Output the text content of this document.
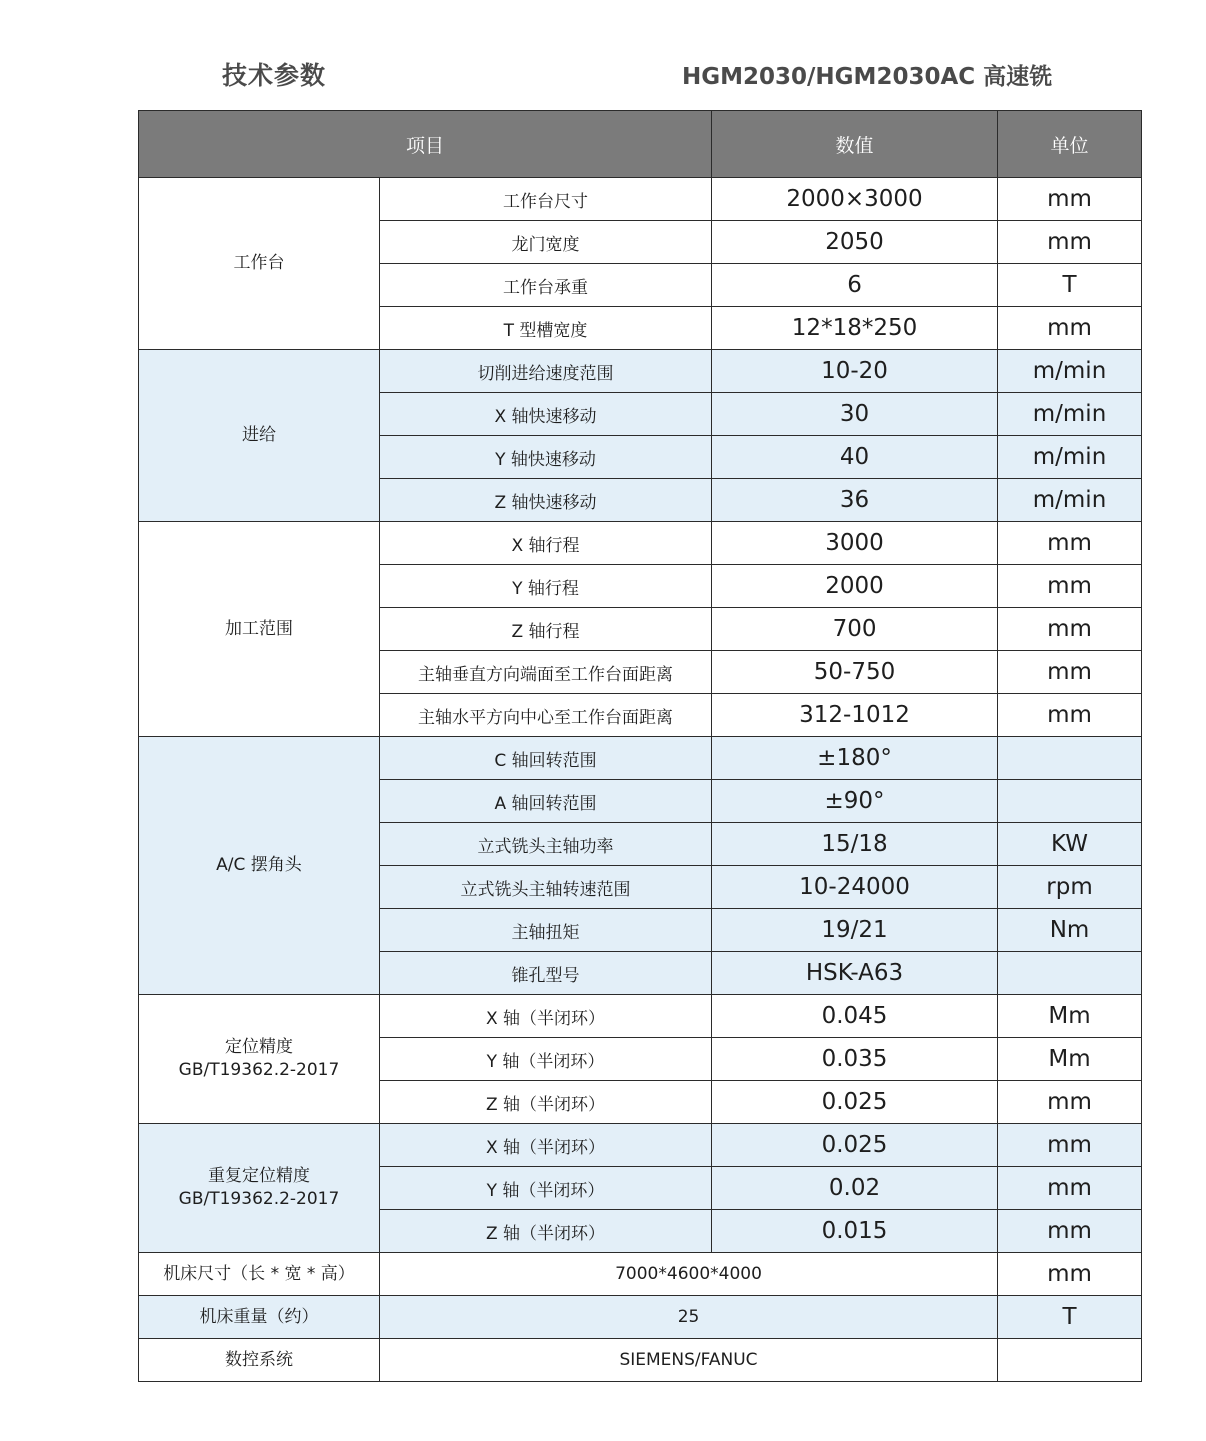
技术参数	HGM2030/HGM2030AC 高速铣
项目		数值	单位
工作台	工作台尺寸	2000×3000	mm
	龙门宽度	2050	mm
	工作台承重	6	T
	T 型槽宽度	12*18*250	mm
进给	切削进给速度范围	10-20	m/min
	X 轴快速移动	30	m/min
	Y 轴快速移动	40	m/min
	Z 轴快速移动	36	m/min
加工范围	X 轴行程	3000	mm
	Y 轴行程	2000	mm
	Z 轴行程	700	mm
	主轴垂直方向端面至工作台面距离	50-750	mm
	主轴水平方向中心至工作台面距离	312-1012	mm
A/C 摆角头	C 轴回转范围	±180°	
	A 轴回转范围	±90°	
	立式铣头主轴功率	15/18	KW
	立式铣头主轴转速范围	10-24000	rpm
	主轴扭矩	19/21	Nm
	锥孔型号	HSK-A63	
定位精度
GB/T19362.2-2017	X 轴（半闭环）	0.045	Mm
	Y 轴（半闭环）	0.035	Mm
	Z 轴（半闭环）	0.025	mm
重复定位精度
GB/T19362.2-2017	X 轴（半闭环）	0.025	mm
	Y 轴（半闭环）	0.02	mm
	Z 轴（半闭环）	0.015	mm
机床尺寸（长 * 宽 * 高）	7000*4600*4000		mm
机床重量（约）	25		T
数控系统	SIEMENS/FANUC		
